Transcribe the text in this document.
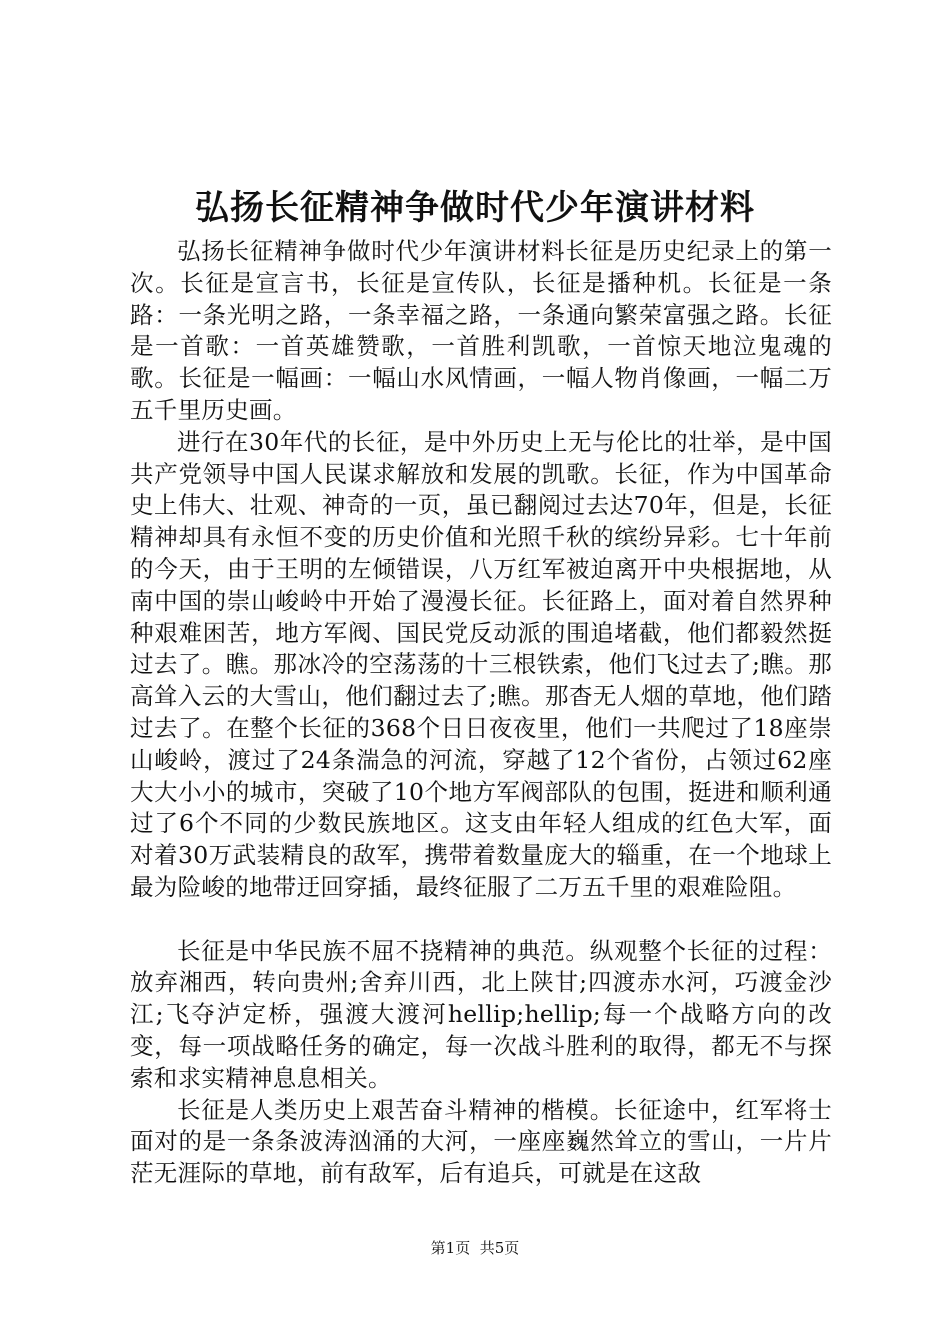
弘扬长征精神争做时代少年演讲材料

弘扬长征精神争做时代少年演讲材料长征是历史纪录上的第一次。长征是宣言书，长征是宣传队，长征是播种机。长征是一条路：一条光明之路，一条幸福之路，一条通向繁荣富强之路。长征是一首歌：一首英雄赞歌，一首胜利凯歌，一首惊天地泣鬼魂的歌。长征是一幅画：一幅山水风情画，一幅人物肖像画，一幅二万五千里历史画。

进行在30年代的长征，是中外历史上无与伦比的壮举，是中国共产党领导中国人民谋求解放和发展的凯歌。长征，作为中国革命史上伟大、壮观、神奇的一页，虽已翻阅过去达70年，但是，长征精神却具有永恒不变的历史价值和光照千秋的缤纷异彩。七十年前的今天，由于王明的左倾错误，八万红军被迫离开中央根据地，从南中国的崇山峻岭中开始了漫漫长征。长征路上，面对着自然界种种艰难困苦，地方军阀、国民党反动派的围追堵截，他们都毅然挺过去了。瞧。那冰冷的空荡荡的十三根铁索，他们飞过去了;瞧。那高耸入云的大雪山，他们翻过去了;瞧。那杳无人烟的草地，他们踏过去了。在整个长征的368个日日夜夜里，他们一共爬过了18座崇山峻岭，渡过了24条湍急的河流，穿越了12个省份，占领过62座大大小小的城市，突破了10个地方军阀部队的包围，挺进和顺利通过了6个不同的少数民族地区。这支由年轻人组成的红色大军，面对着30万武装精良的敌军，携带着数量庞大的辎重，在一个地球上最为险峻的地带迂回穿插，最终征服了二万五千里的艰难险阻。

长征是中华民族不屈不挠精神的典范。纵观整个长征的过程：放弃湘西，转向贵州;舍弃川西，北上陕甘;四渡赤水河，巧渡金沙江;飞夺泸定桥，强渡大渡河hellip;hellip;每一个战略方向的改变，每一项战略任务的确定，每一次战斗胜利的取得，都无不与探索和求实精神息息相关。

长征是人类历史上艰苦奋斗精神的楷模。长征途中，红军将士面对的是一条条波涛汹涌的大河，一座座巍然耸立的雪山，一片片茫无涯际的草地，前有敌军，后有追兵，可就是在这敌

第1页 共5页
